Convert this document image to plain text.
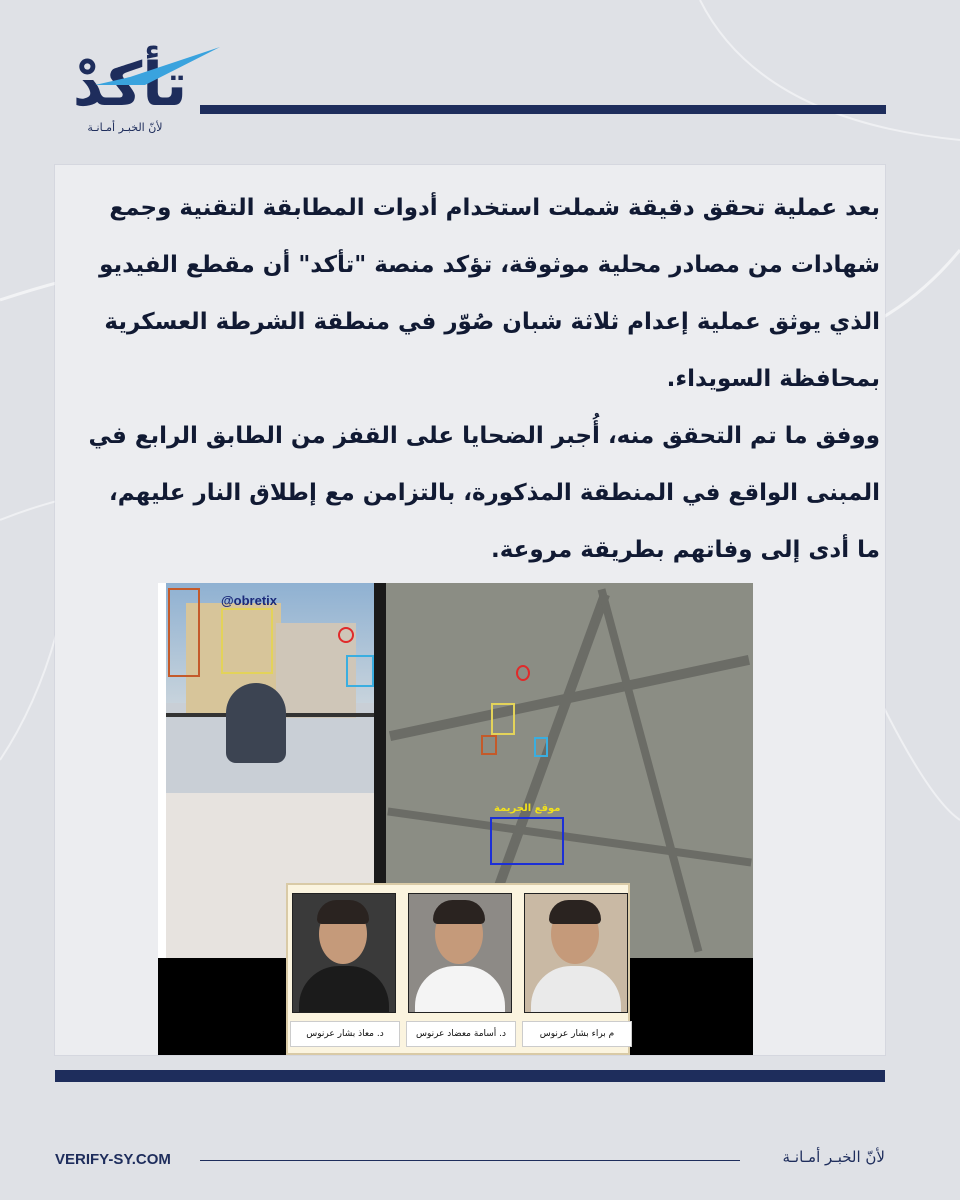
تأكدْ
لأنّ الخبـر أمـانـة

بعد عملية تحقق دقيقة شملت استخدام أدوات المطابقة التقنية وجمع شهادات من مصادر محلية موثوقة، تؤكد منصة "تأكد" أن مقطع الفيديو الذي يوثق عملية إعدام ثلاثة شبان صُوّر في منطقة الشرطة العسكرية بمحافظة السويداء.

ووفق ما تم التحقق منه، أُجبر الضحايا على القفز من الطابق الرابع في المبنى الواقع في المنطقة المذكورة، بالتزامن مع إطلاق النار عليهم، ما أدى إلى وفاتهم بطريقة مروعة.

@obretix
موقع الجريمة
م براء بشار عرنوس
د. أسامة معضاد عرنوس
د. معاذ بشار عرنوس
VERIFY-SY.COM	لأنّ الخبـر أمـانـة
